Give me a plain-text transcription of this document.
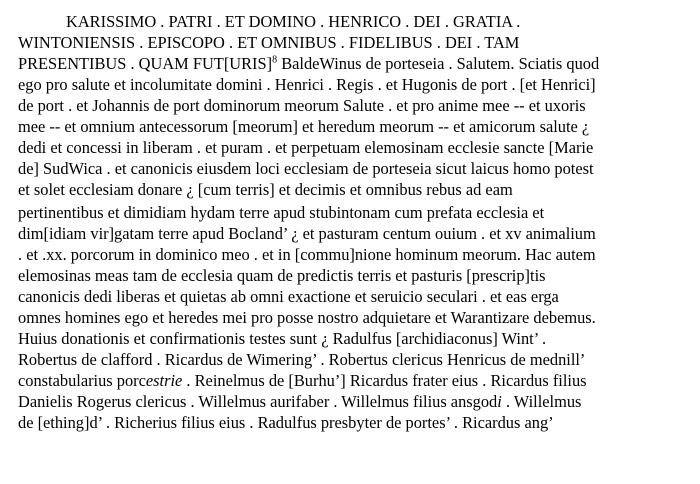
KARISSIMO . PATRI . ET DOMINO . HENRICO . DEI . GRATIA .
WINTONIENSIS . EPISCOPO . ET OMNIBUS . FIDELIBUS . DEI . TAM
PRESENTIBUS . QUAM FUT[URIS]$^8$ BaldeWinus de porteseia . Salutem. Sciatis quod
ego pro salute et incolumitate domini . Henrici . Regis . et Hugonis de port . [et Henrici]
de port . et Johannis de port dominorum meorum Salute . et pro anime mee -- et uxoris
mee -- et omnium antecessorum [meorum] et heredum meorum -- et amicorum salute ¿
dedi et concessi in liberam . et puram . et perpetuam elemosinam ecclesie sancte [Marie
de] SudWica . et canonicis eiusdem loci ecclesiam de porteseia sicut laicus homo potest
et solet ecclesiam donare ¿ [cum terris] et decimis et omnibus rebus ad eam
pertinentibus et dimidiam hydam terre apud stubintonam cum prefata ecclesia et
dim[idiam vir]gatam terre apud Bocland’ ¿ et pasturam centum ouium . et xv animalium
. et .xx. porcorum in dominico meo . et in [commu]nione hominum meorum. Hac autem
elemosinas meas tam de ecclesia quam de predictis terris et pasturis [prescrip]tis
canonicis dedi liberas et quietas ab omni exactione et seruicio seculari . et eas erga
omnes homines ego et heredes mei pro posse nostro adquietare et Warantizare debemus.
Huius donationis et confirmationis testes sunt ¿ Radulfus [archidiaconus] Wint’ .
Robertus de clafford . Ricardus de Wimering’ . Robertus clericus Henricus de mednill’
constabularius porcestrie . Reinelmus de [Burhu’] Ricardus frater eius . Ricardus filius
Danielis Rogerus clericus . Willelmus aurifaber . Willelmus filius ansgodi . Willelmus
de [ething]d’ . Richerius filius eius . Radulfus presbyter de portes’ . Ricardus ang’
